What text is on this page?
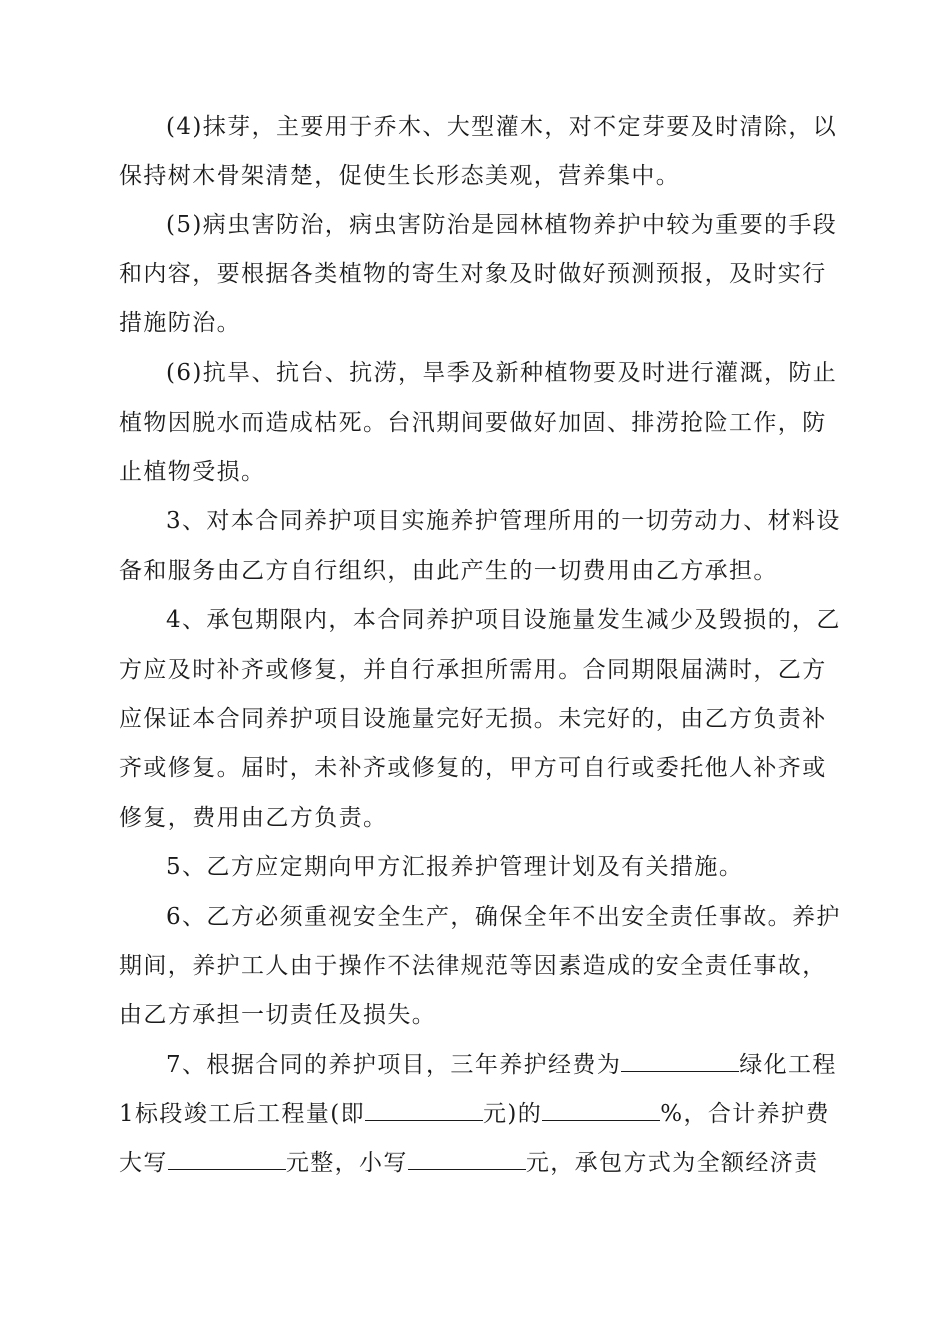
(4)抹芽，主要用于乔木、大型灌木，对不定芽要及时清除，以
保持树木骨架清楚，促使生长形态美观，营养集中。
(5)病虫害防治，病虫害防治是园林植物养护中较为重要的手段
和内容，要根据各类植物的寄生对象及时做好预测预报，及时实行
措施防治。
(6)抗旱、抗台、抗涝，旱季及新种植物要及时进行灌溉，防止
植物因脱水而造成枯死。台汛期间要做好加固、排涝抢险工作，防
止植物受损。
3、对本合同养护项目实施养护管理所用的一切劳动力、材料设
备和服务由乙方自行组织，由此产生的一切费用由乙方承担。
4、承包期限内，本合同养护项目设施量发生减少及毁损的，乙
方应及时补齐或修复，并自行承担所需用。合同期限届满时，乙方
应保证本合同养护项目设施量完好无损。未完好的，由乙方负责补
齐或修复。届时，未补齐或修复的，甲方可自行或委托他人补齐或
修复，费用由乙方负责。
5、乙方应定期向甲方汇报养护管理计划及有关措施。
6、乙方必须重视安全生产，确保全年不出安全责任事故。养护
期间，养护工人由于操作不法律规范等因素造成的安全责任事故，
由乙方承担一切责任及损失。
7、根据合同的养护项目，三年养护经费为	绿化工程
1标段竣工后工程量(即	元)的	%，合计养护费
大写	元整，小写	元，承包方式为全额经济责
